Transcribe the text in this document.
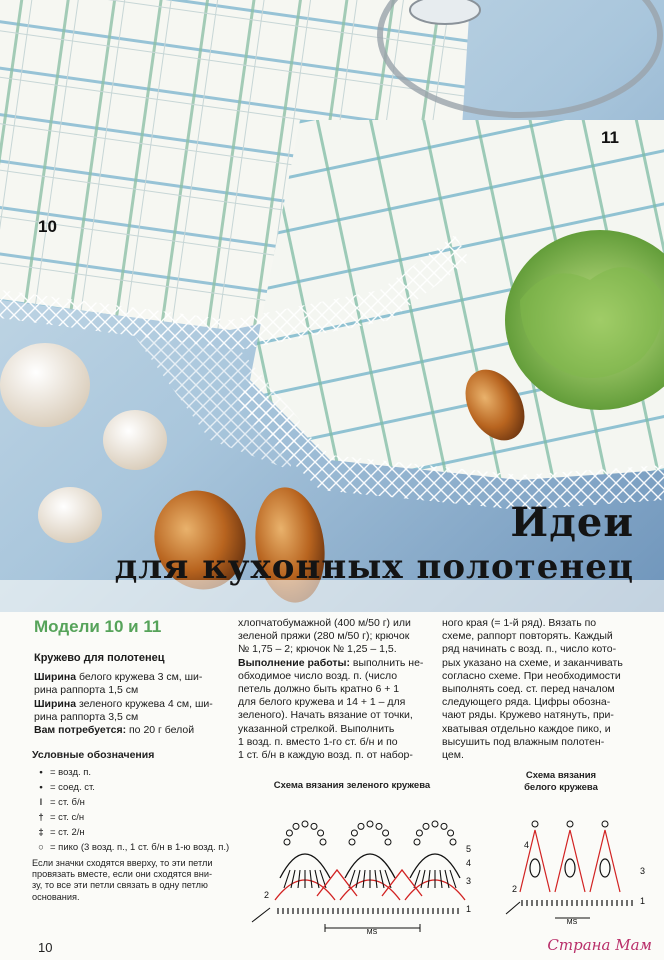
10
11
Идеи
для кухонных полотенец
Модели 10 и 11
Кружево для полотенец
Ширина белого кружева 3 см, ши-
рина раппорта 1,5 см
Ширина зеленого кружева 4 см, ши-
рина раппорта 3,5 см
Вам потребуется: по 20 г белой
хлопчатобумажной (400 м/50 г) или
зеленой пряжи (280 м/50 г); крючок
№ 1,75 – 2; крючок № 1,25 – 1,5.
Выполнение работы: выполнить не-
обходимое число возд. п. (число
петель должно быть кратно 6 + 1
для белого кружева и 14 + 1 – для
зеленого). Начать вязание от точки,
указанной стрелкой. Выполнить
1 возд. п. вместо 1-го ст. б/н и по
1 ст. б/н в каждую возд. п. от набор-
ного края (= 1-й ряд). Вязать по
схеме, раппорт повторять. Каждый
ряд начинать с возд. п., число кото-
рых указано на схеме, и заканчивать
согласно схеме. При необходимости
выполнять соед. ст. перед началом
следующего ряда. Цифры обозна-
чают ряды. Кружево натянуть, при-
хватывая отдельно каждое пико, и
высушить под влажным полотен-
цем.
Условные обозначения
• = возд. п.
• = соед. ст.
ǀ = ст. б/н
† = ст. с/н
‡ = ст. 2/н
○ = пико (3 возд. п., 1 ст. б/н в 1-ю возд. п.)
Если значки сходятся вверху, то эти петли
провязать вместе, если они сходятся вни-
зу, то все эти петли связать в одну петлю
основания.
Схема вязания зеленого кружева
Схема вязания
белого кружева
MS
1
2
3
4
5
MS
1
2
3
4
10	Страна Мам
